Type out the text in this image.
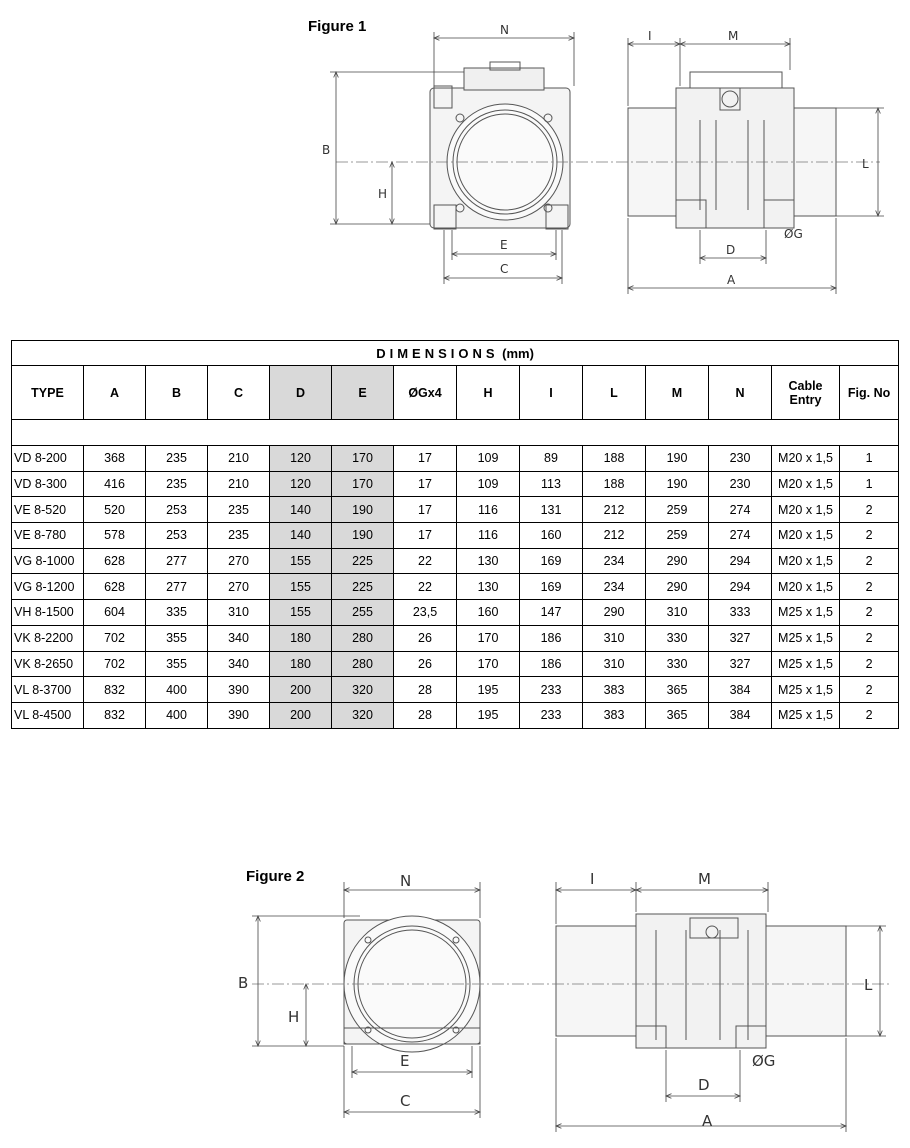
Figure 1	N	I	M
B
H
L
E
C
D
ØG
A
DIMENSIONS (mm)													
TYPE	A	B	C	D	E	ØGx4	H	I	L	M	N	Cable
Entry	Fig. No

VD 8-200	368	235	210	120	170	17	109	89	188	190	230	M20 x 1,5	1
VD 8-300	416	235	210	120	170	17	109	113	188	190	230	M20 x 1,5	1
VE 8-520	520	253	235	140	190	17	116	131	212	259	274	M20 x 1,5	2
VE 8-780	578	253	235	140	190	17	116	160	212	259	274	M20 x 1,5	2
VG 8-1000	628	277	270	155	225	22	130	169	234	290	294	M20 x 1,5	2
VG 8-1200	628	277	270	155	225	22	130	169	234	290	294	M20 x 1,5	2
VH 8-1500	604	335	310	155	255	23,5	160	147	290	310	333	M25 x 1,5	2
VK 8-2200	702	355	340	180	280	26	170	186	310	330	327	M25 x 1,5	2
VK 8-2650	702	355	340	180	280	26	170	186	310	330	327	M25 x 1,5	2
VL 8-3700	832	400	390	200	320	28	195	233	383	365	384	M25 x 1,5	2
VL 8-4500	832	400	390	200	320	28	195	233	383	365	384	M25 x 1,5	2
Figure 2	N	I	M
B
H
L
E
C
D
ØG
A
